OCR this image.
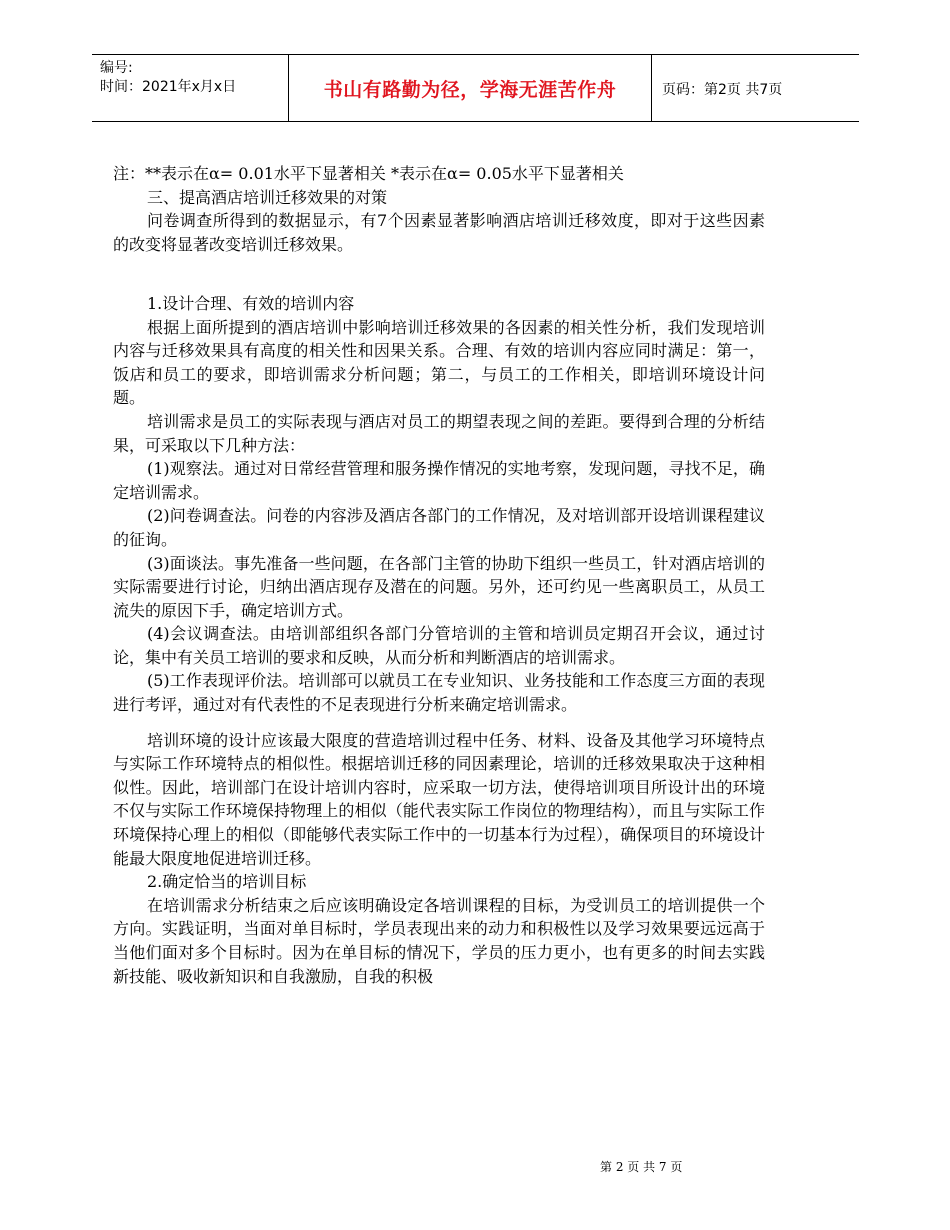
编号:
时间：2021年x月x日	书山有路勤为径，学海无涯苦作舟	页码：第2页 共7页

注：**表示在α= 0.01水平下显著相关 *表示在α= 0.05水平下显著相关

三、提高酒店培训迁移效果的对策

问卷调查所得到的数据显示，有7个因素显著影响酒店培训迁移效度，即对于这些因素的改变将显著改变培训迁移效果。

1.设计合理、有效的培训内容

根据上面所提到的酒店培训中影响培训迁移效果的各因素的相关性分析，我们发现培训内容与迁移效果具有高度的相关性和因果关系。合理、有效的培训内容应同时满足：第一，饭店和员工的要求，即培训需求分析问题；第二，与员工的工作相关，即培训环境设计问题。

培训需求是员工的实际表现与酒店对员工的期望表现之间的差距。要得到合理的分析结果，可采取以下几种方法：

(1)观察法。通过对日常经营管理和服务操作情况的实地考察，发现问题，寻找不足，确定培训需求。

(2)问卷调查法。问卷的内容涉及酒店各部门的工作情况，及对培训部开设培训课程建议的征询。

(3)面谈法。事先准备一些问题，在各部门主管的协助下组织一些员工，针对酒店培训的实际需要进行讨论，归纳出酒店现存及潜在的问题。另外，还可约见一些离职员工，从员工流失的原因下手，确定培训方式。

(4)会议调查法。由培训部组织各部门分管培训的主管和培训员定期召开会议，通过讨论，集中有关员工培训的要求和反映，从而分析和判断酒店的培训需求。

(5)工作表现评价法。培训部可以就员工在专业知识、业务技能和工作态度三方面的表现进行考评，通过对有代表性的不足表现进行分析来确定培训需求。

培训环境的设计应该最大限度的营造培训过程中任务、材料、设备及其他学习环境特点与实际工作环境特点的相似性。根据培训迁移的同因素理论，培训的迁移效果取决于这种相似性。因此，培训部门在设计培训内容时，应采取一切方法，使得培训项目所设计出的环境不仅与实际工作环境保持物理上的相似（能代表实际工作岗位的物理结构），而且与实际工作环境保持心理上的相似（即能够代表实际工作中的一切基本行为过程），确保项目的环境设计能最大限度地促进培训迁移。

2.确定恰当的培训目标

在培训需求分析结束之后应该明确设定各培训课程的目标，为受训员工的培训提供一个方向。实践证明，当面对单目标时，学员表现出来的动力和积极性以及学习效果要远远高于当他们面对多个目标时。因为在单目标的情况下，学员的压力更小，也有更多的时间去实践新技能、吸收新知识和自我激励，自我的积极

第 2 页 共 7 页
